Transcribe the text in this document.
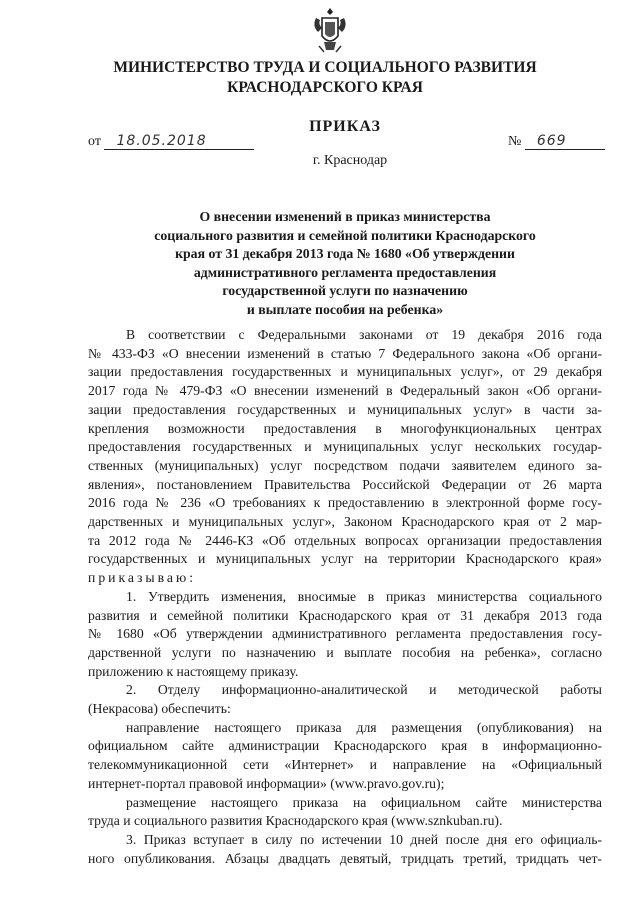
МИНИСТЕРСТВО ТРУДА И СОЦИАЛЬНОГО РАЗВИТИЯ
КРАСНОДАРСКОГО КРАЯ
ПРИКАЗ
от 18.05.2018	№ 669
г. Краснодар
О внесении изменений в приказ министерства
социального развития и семейной политики Краснодарского
края от 31 декабря 2013 года № 1680 «Об утверждении
административного регламента предоставления
государственной услуги по назначению
и выплате пособия на ребенка»

В соответствии с Федеральными законами от 19 декабря 2016 года
№ 433-ФЗ «О внесении изменений в статью 7 Федерального закона «Об органи-
зации предоставления государственных и муниципальных услуг», от 29 декабря
2017 года № 479-ФЗ «О внесении изменений в Федеральный закон «Об органи-
зации предоставления государственных и муниципальных услуг» в части за-
крепления возможности предоставления в многофункциональных центрах
предоставления государственных и муниципальных услуг нескольких государ-
ственных (муниципальных) услуг посредством подачи заявителем единого за-
явления», постановлением Правительства Российской Федерации от 26 марта
2016 года № 236 «О требованиях к предоставлению в электронной форме госу-
дарственных и муниципальных услуг», Законом Краснодарского края от 2 мар-
та 2012 года № 2446-КЗ «Об отдельных вопросах организации предоставления
государственных и муниципальных услуг на территории Краснодарского края»
приказываю:

1. Утвердить изменения, вносимые в приказ министерства социального
развития и семейной политики Краснодарского края от 31 декабря 2013 года
№ 1680 «Об утверждении административного регламента предоставления госу-
дарственной услуги по назначению и выплате пособия на ребенка», согласно
приложению к настоящему приказу.

2. Отделу информационно-аналитической и методической работы
(Некрасова) обеспечить:

направление настоящего приказа для размещения (опубликования) на
официальном сайте администрации Краснодарского края в информационно-
телекоммуникационной сети «Интернет» и направление на «Официальный
интернет-портал правовой информации» (www.pravo.gov.ru);

размещение настоящего приказа на официальном сайте министерства
труда и социального развития Краснодарского края (www.sznkuban.ru).

3. Приказ вступает в силу по истечении 10 дней после дня его официаль-
ного опубликования. Абзацы двадцать девятый, тридцать третий, тридцать чет-
